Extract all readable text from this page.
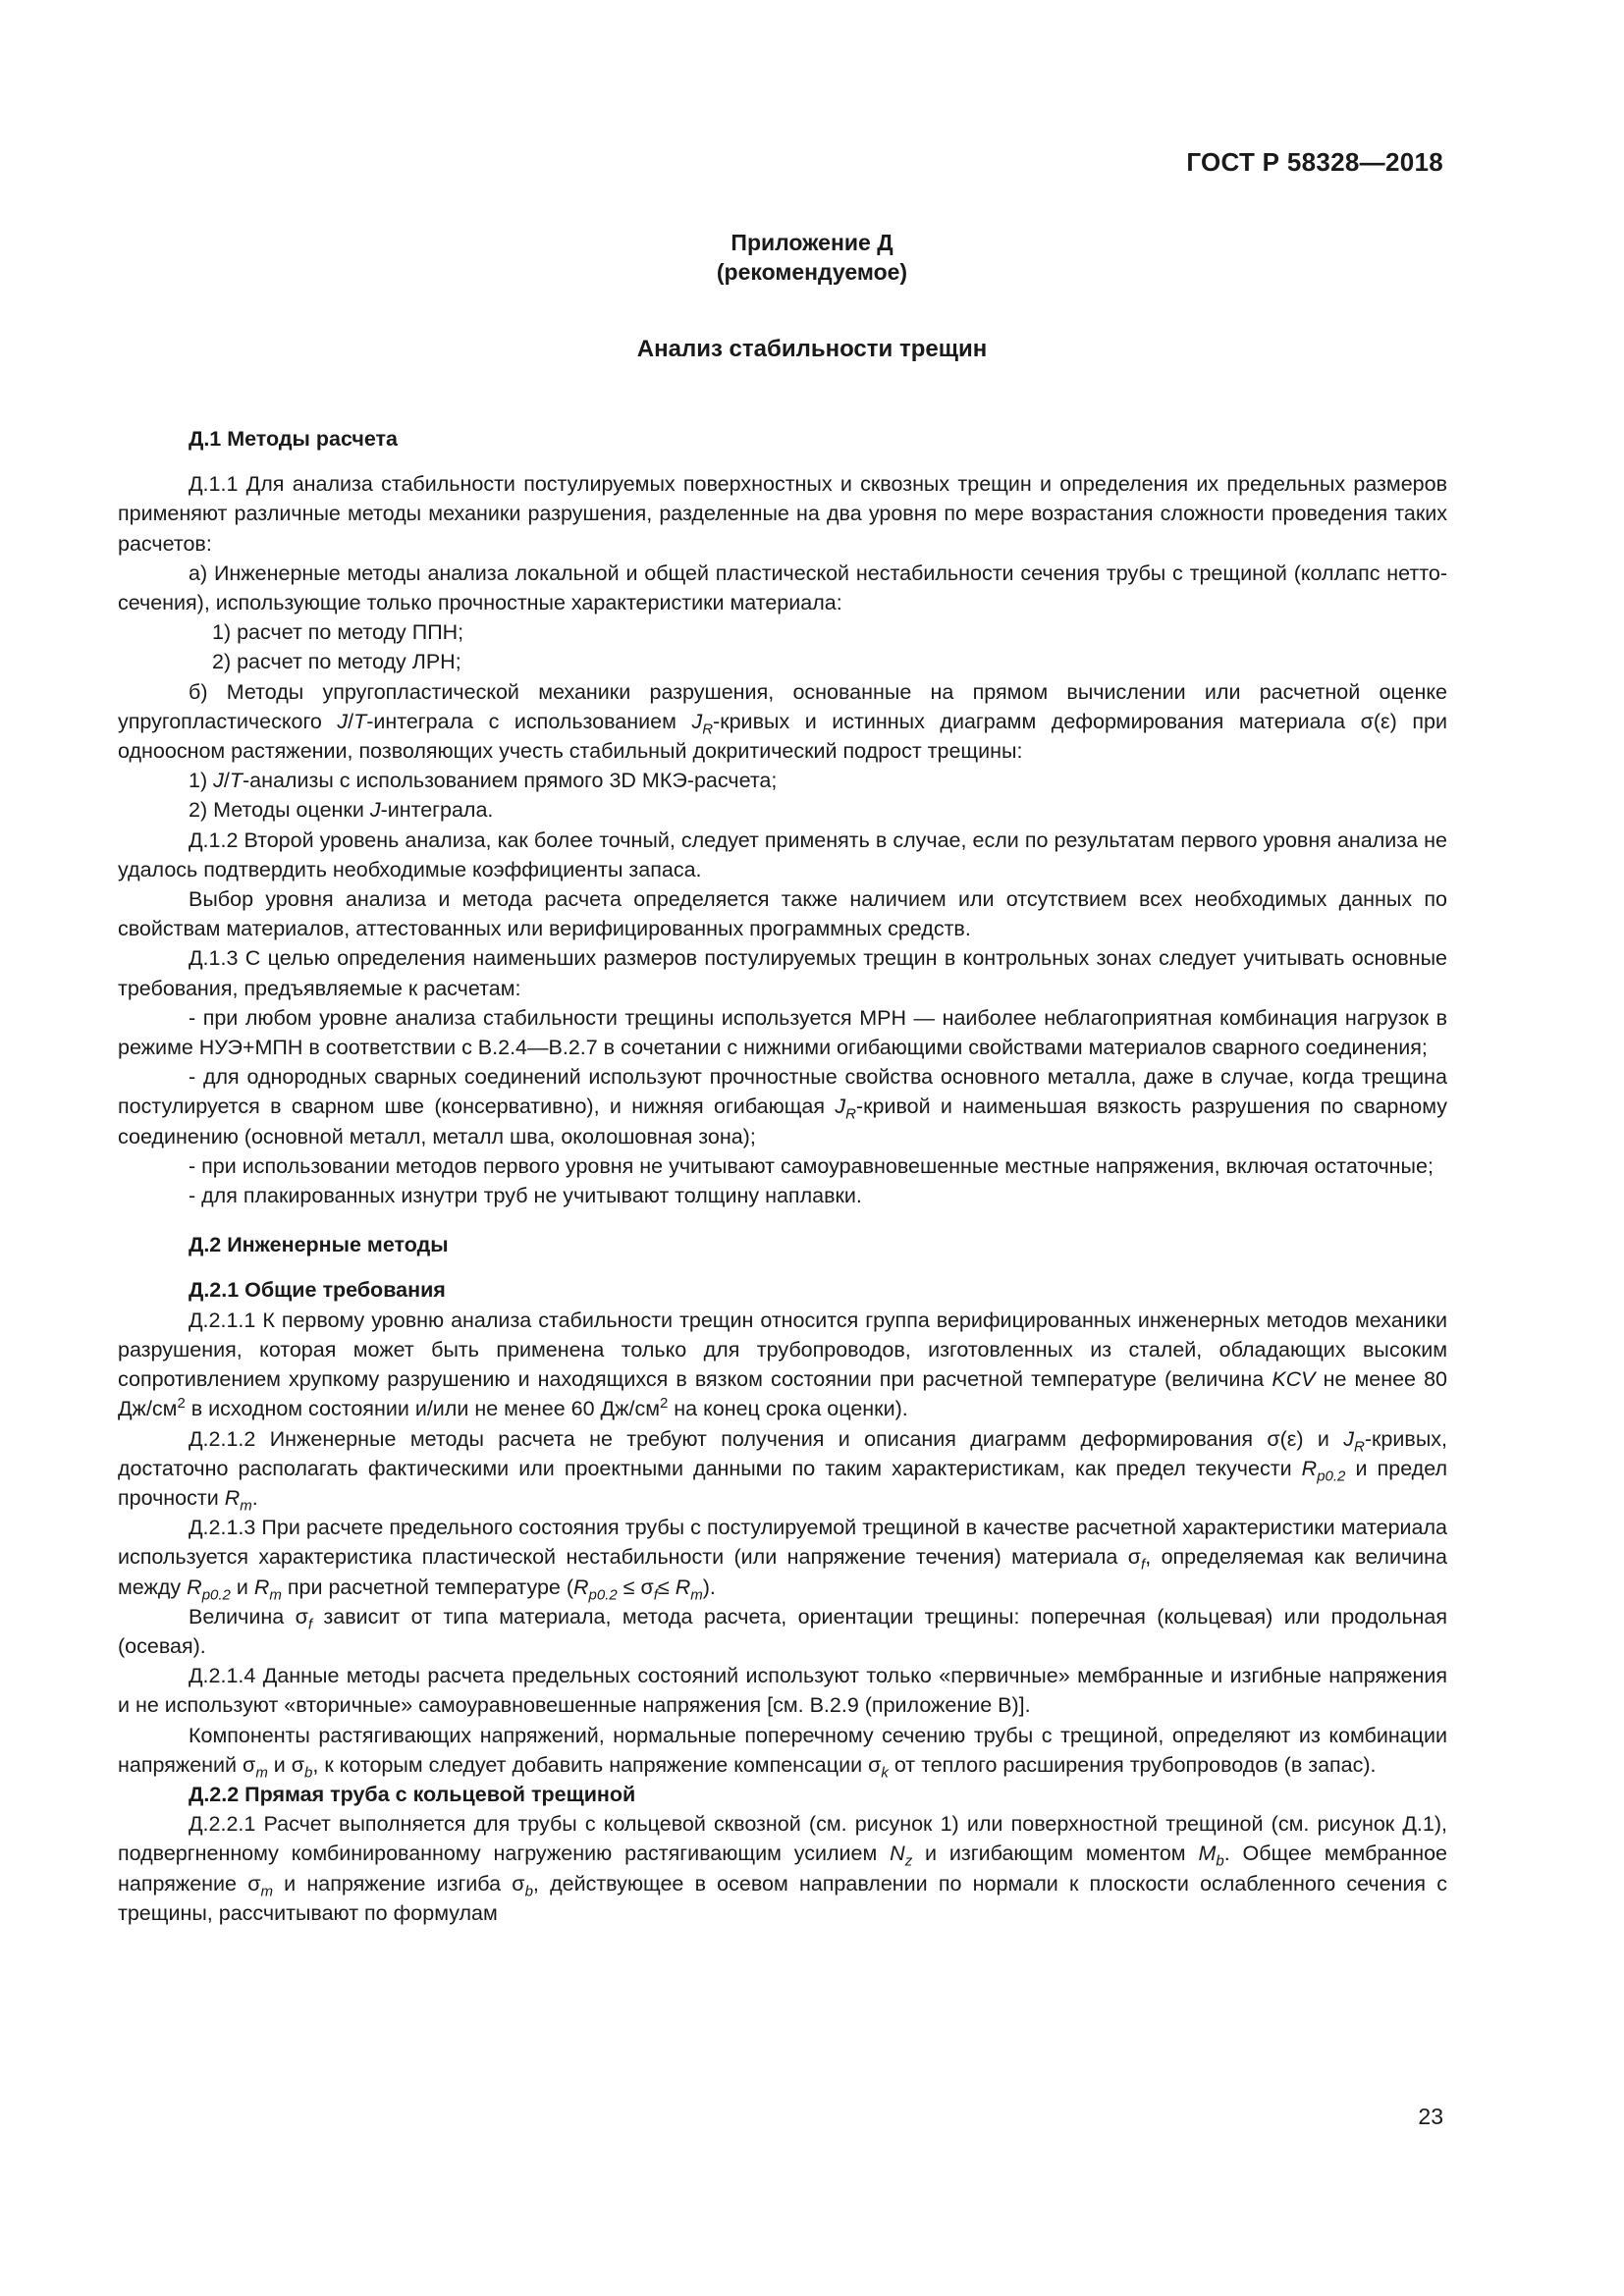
ГОСТ Р 58328—2018
Приложение Д
(рекомендуемое)
Анализ стабильности трещин

Д.1 Методы расчета

Д.1.1 Для анализа стабильности постулируемых поверхностных и сквозных трещин и определения их предельных размеров применяют различные методы механики разрушения, разделенные на два уровня по мере возрастания сложности проведения таких расчетов:

а) Инженерные методы анализа локальной и общей пластической нестабильности сечения трубы с трещиной (коллапс нетто-сечения), использующие только прочностные характеристики материала:

1) расчет по методу ППН;

2) расчет по методу ЛРН;

б) Методы упругопластической механики разрушения, основанные на прямом вычислении или расчетной оценке упругопластического J/T-интеграла с использованием $J_R$-кривых и истинных диаграмм деформирования материала σ(ε) при одноосном растяжении, позволяющих учесть стабильный докритический подрост трещины:

1) J/T-анализы с использованием прямого 3D МКЭ-расчета;

2) Методы оценки J-интеграла.

Д.1.2 Второй уровень анализа, как более точный, следует применять в случае, если по результатам первого уровня анализа не удалось подтвердить необходимые коэффициенты запаса.

Выбор уровня анализа и метода расчета определяется также наличием или отсутствием всех необходимых данных по свойствам материалов, аттестованных или верифицированных программных средств.

Д.1.3 С целью определения наименьших размеров постулируемых трещин в контрольных зонах следует учитывать основные требования, предъявляемые к расчетам:

- при любом уровне анализа стабильности трещины используется МРН — наиболее неблагоприятная комбинация нагрузок в режиме НУЭ+МПН в соответствии с В.2.4—В.2.7 в сочетании с нижними огибающими свойствами материалов сварного соединения;

- для однородных сварных соединений используют прочностные свойства основного металла, даже в случае, когда трещина постулируется в сварном шве (консервативно), и нижняя огибающая $J_R$-кривой и наименьшая вязкость разрушения по сварному соединению (основной металл, металл шва, околошовная зона);

- при использовании методов первого уровня не учитывают самоуравновешенные местные напряжения, включая остаточные;

- для плакированных изнутри труб не учитывают толщину наплавки.

Д.2 Инженерные методы

Д.2.1 Общие требования

Д.2.1.1 К первому уровню анализа стабильности трещин относится группа верифицированных инженерных методов механики разрушения, которая может быть применена только для трубопроводов, изготовленных из сталей, обладающих высоким сопротивлением хрупкому разрушению и находящихся в вязком состоянии при расчетной температуре (величина KCV не менее 80 $Дж/см^2$ в исходном состоянии и/или не менее 60 $Дж/см^2$ на конец срока оценки).

Д.2.1.2 Инженерные методы расчета не требуют получения и описания диаграмм деформирования σ(ε) и $J_R$-кривых, достаточно располагать фактическими или проектными данными по таким характеристикам, как предел текучести $R_{p0.2}$ и предел прочности $R_m$.

Д.2.1.3 При расчете предельного состояния трубы с постулируемой трещиной в качестве расчетной характеристики материала используется характеристика пластической нестабильности (или напряжение течения) материала $\sigma_f$, определяемая как величина между $R_{p0.2}$ и $R_m$ при расчетной температуре $(R_{p0.2} \le \sigma_f\le R_m)$.

Величина $\sigma_f$ зависит от типа материала, метода расчета, ориентации трещины: поперечная (кольцевая) или продольная (осевая).

Д.2.1.4 Данные методы расчета предельных состояний используют только «первичные» мембранные и изгибные напряжения и не используют «вторичные» самоуравновешенные напряжения [см. В.2.9 (приложение В)].

Компоненты растягивающих напряжений, нормальные поперечному сечению трубы с трещиной, определяют из комбинации напряжений $\sigma_m$ и $\sigma_b$, к которым следует добавить напряжение компенсации $\sigma_k$ от теплого расширения трубопроводов (в запас).

Д.2.2 Прямая труба с кольцевой трещиной

Д.2.2.1 Расчет выполняется для трубы с кольцевой сквозной (см. рисунок 1) или поверхностной трещиной (см. рисунок Д.1), подвергненному комбинированному нагружению растягивающим усилием $N_z$ и изгибающим моментом $M_b$. Общее мембранное напряжение $\sigma_m$ и напряжение изгиба $\sigma_b$, действующее в осевом направлении по нормали к плоскости ослабленного сечения с трещины, рассчитывают по формулам

23
